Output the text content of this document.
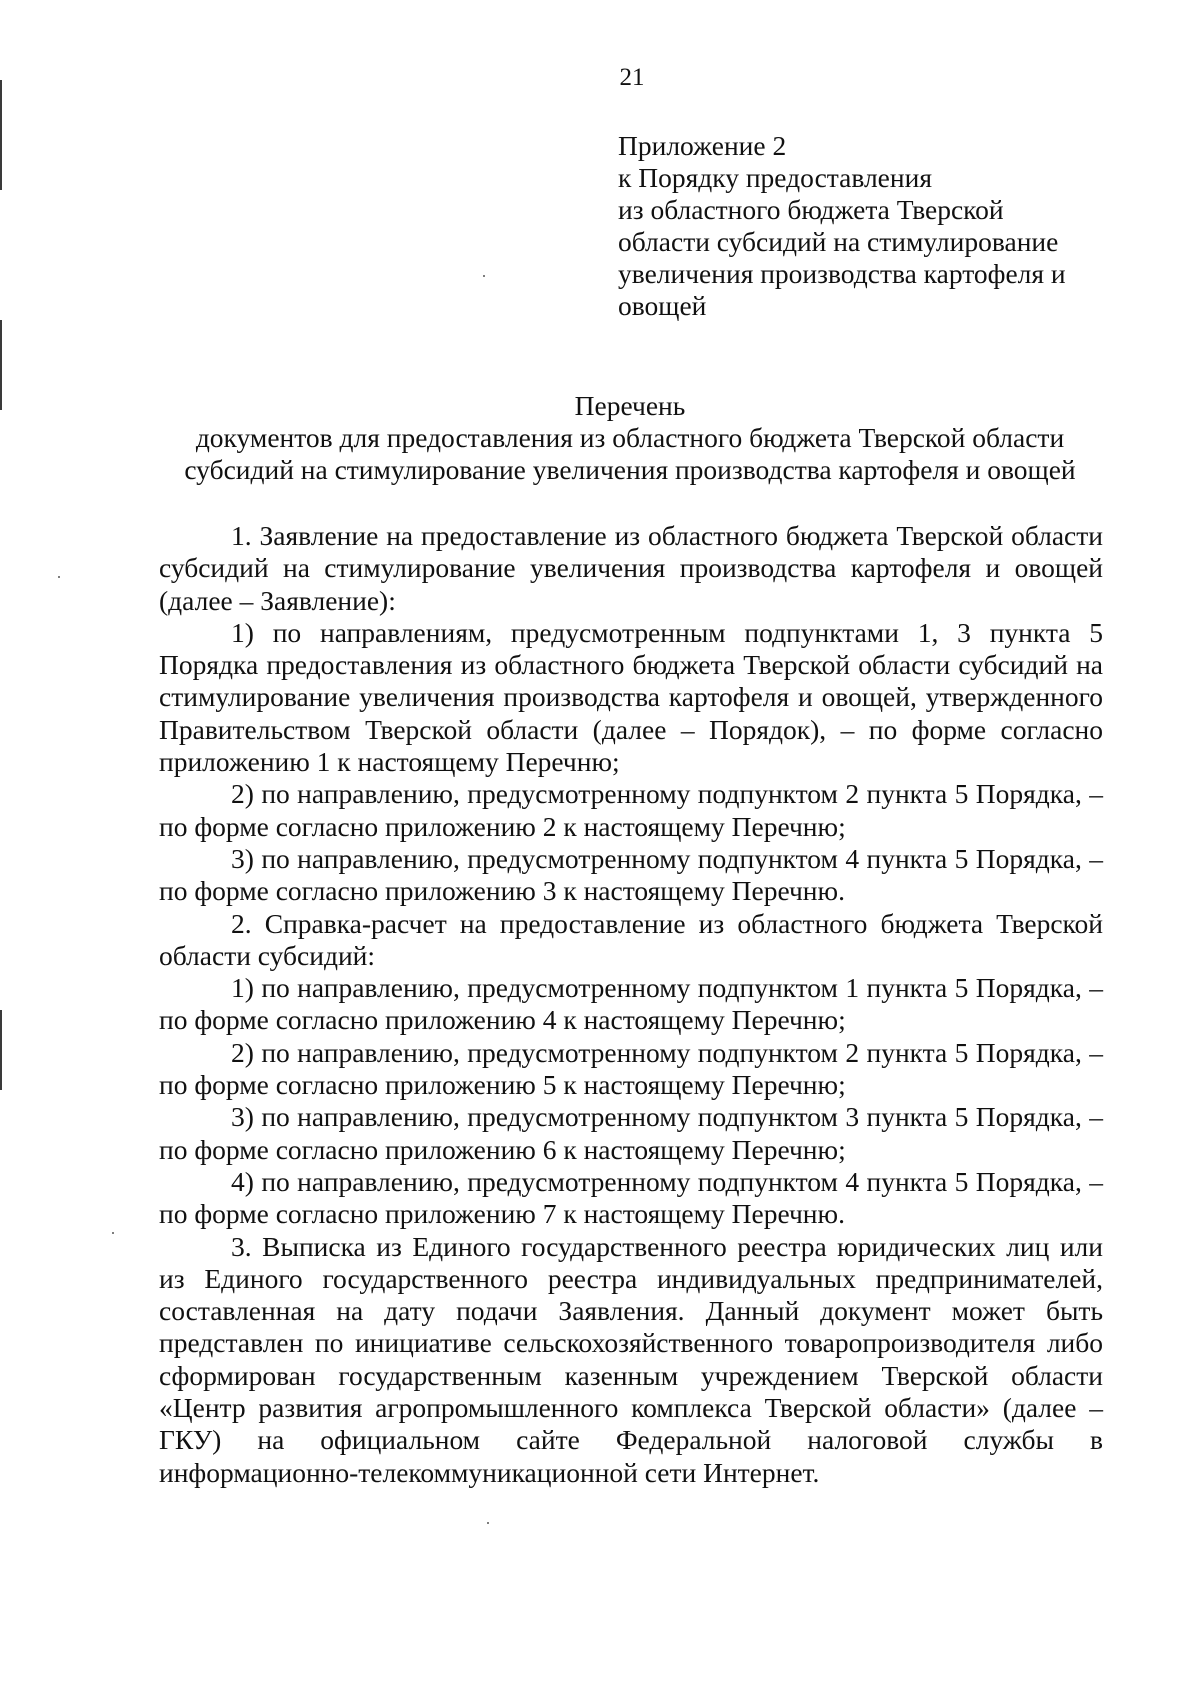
21
Приложение 2
к Порядку предоставления
из областного бюджета Тверской
области субсидий на стимулирование
увеличения производства картофеля и
овощей
Перечень
документов для предоставления из областного бюджета Тверской области
субсидий на стимулирование увеличения производства картофеля и овощей

1. Заявление на предоставление из областного бюджета Тверской области субсидий на стимулирование увеличения производства картофеля и овощей (далее – Заявление):

1) по направлениям, предусмотренным подпунктами 1, 3 пункта 5 Порядка предоставления из областного бюджета Тверской области субсидий на стимулирование увеличения производства картофеля и овощей, утвержденного Правительством Тверской области (далее – Порядок), – по форме согласно приложению 1 к настоящему Перечню;

2) по направлению, предусмотренному подпунктом 2 пункта 5 Порядка, – по форме согласно приложению 2 к настоящему Перечню;

3) по направлению, предусмотренному подпунктом 4 пункта 5 Порядка, – по форме согласно приложению 3 к настоящему Перечню.

2. Справка-расчет на предоставление из областного бюджета Тверской области субсидий:

1) по направлению, предусмотренному подпунктом 1 пункта 5 Порядка, – по форме согласно приложению 4 к настоящему Перечню;

2) по направлению, предусмотренному подпунктом 2 пункта 5 Порядка, – по форме согласно приложению 5 к настоящему Перечню;

3) по направлению, предусмотренному подпунктом 3 пункта 5 Порядка, – по форме согласно приложению 6 к настоящему Перечню;

4) по направлению, предусмотренному подпунктом 4 пункта 5 Порядка, – по форме согласно приложению 7 к настоящему Перечню.

3. Выписка из Единого государственного реестра юридических лиц или из Единого государственного реестра индивидуальных предпринимателей, составленная на дату подачи Заявления. Данный документ может быть представлен по инициативе сельскохозяйственного товаропроизводителя либо сформирован государственным казенным учреждением Тверской области «Центр развития агропромышленного комплекса Тверской области» (далее – ГКУ) на официальном сайте Федеральной налоговой службы в информационно-телекоммуникационной сети Интернет.
